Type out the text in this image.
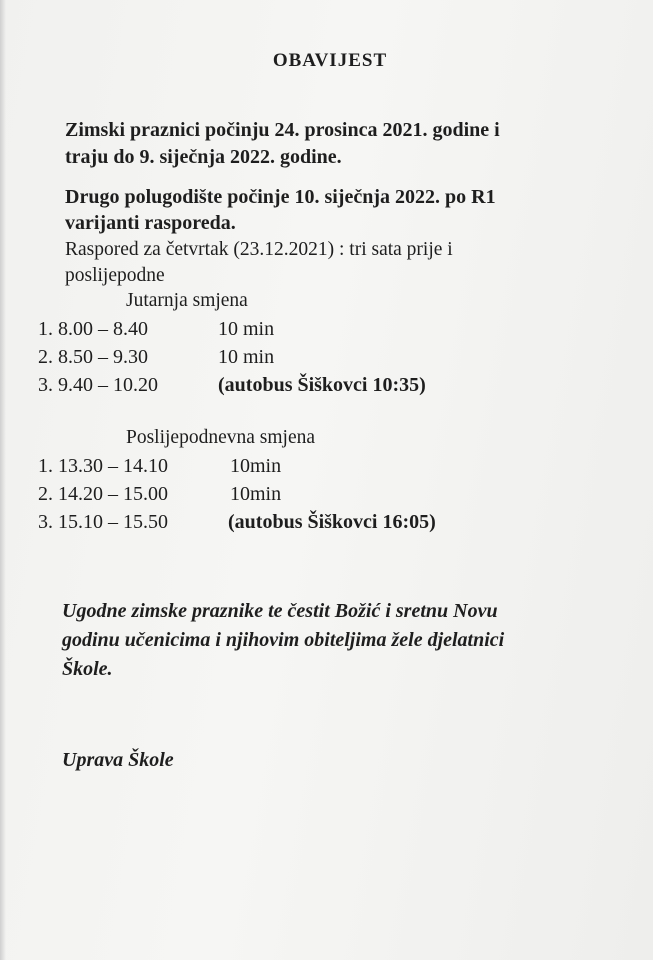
OBAVIJEST
Zimski praznici počinju 24. prosinca 2021. godine i
traju do 9. siječnja 2022. godine.
Drugo polugodište počinje 10. siječnja 2022. po R1
varijanti rasporeda.
Raspored za četvrtak (23.12.2021) : tri sata prije i
poslijepodne
Jutarnja smjena
1. 8.00 – 8.40	10 min
2. 8.50 – 9.30	10 min
3. 9.40 – 10.20	(autobus Šiškovci 10:35)
Poslijepodnevna smjena
1. 13.30 – 14.10	10min
2. 14.20 – 15.00	10min
3. 15.10 – 15.50	(autobus Šiškovci 16:05)
Ugodne zimske praznike te čestit Božić i sretnu Novu
godinu učenicima i njihovim obiteljima žele djelatnici
Škole.
Uprava Škole
